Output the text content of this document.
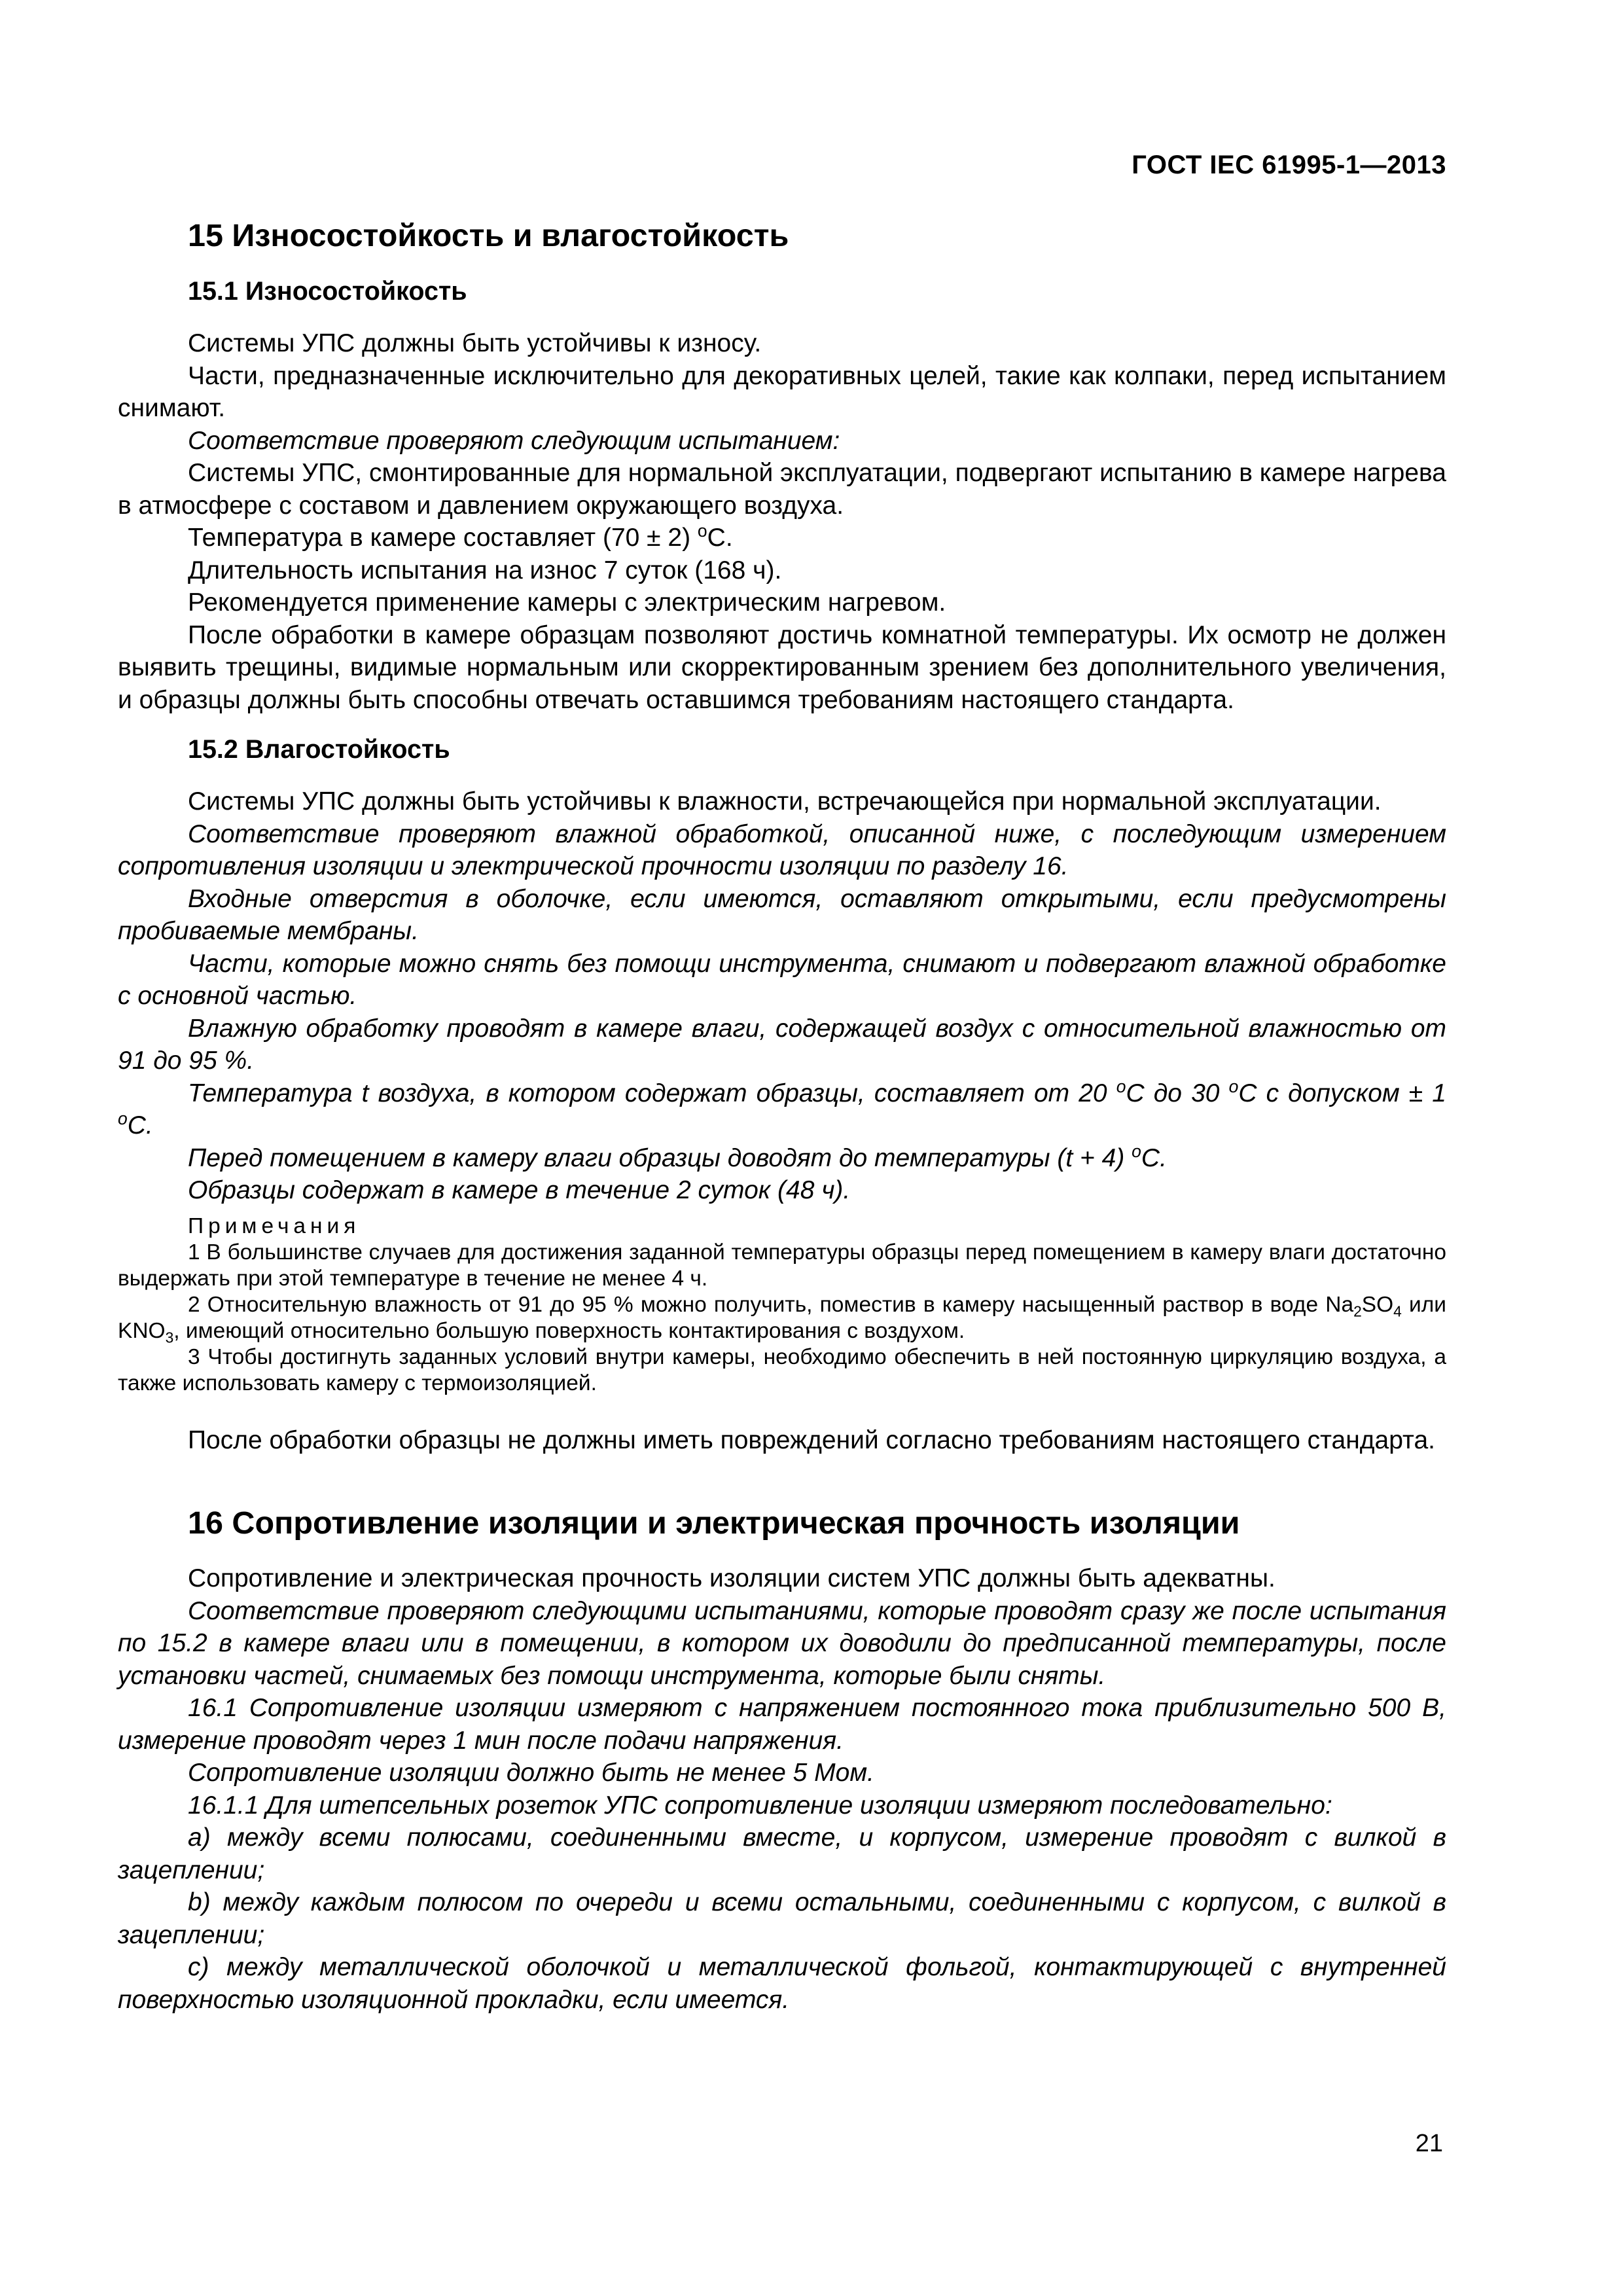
ГОСТ IEC 61995-1—2013
15 Износостойкость и влагостойкость
15.1 Износостойкость

Системы УПС должны быть устойчивы к износу.

Части, предназначенные исключительно для декоративных целей, такие как колпаки, перед испытанием снимают.

Соответствие проверяют следующим испытанием:

Системы УПС, смонтированные для нормальной эксплуатации, подвергают испытанию в камере нагрева в атмосфере с составом и давлением окружающего воздуха.

Температура в камере составляет (70 ± 2) $^o$C.

Длительность испытания на износ 7 суток (168 ч).

Рекомендуется применение камеры с электрическим нагревом.

После обработки в камере образцам позволяют достичь комнатной температуры. Их осмотр не должен выявить трещины, видимые нормальным или скорректированным зрением без дополнительного увеличения, и образцы должны быть способны отвечать оставшимся требованиям настоящего стандарта.

15.2 Влагостойкость

Системы УПС должны быть устойчивы к влажности, встречающейся при нормальной эксплуатации.

Соответствие проверяют влажной обработкой, описанной ниже, с последующим измерением сопротивления изоляции и электрической прочности изоляции по разделу 16.

Входные отверстия в оболочке, если имеются, оставляют открытыми, если предусмотрены пробиваемые мембраны.

Части, которые можно снять без помощи инструмента, снимают и подвергают влажной обработке с основной частью.

Влажную обработку проводят в камере влаги, содержащей воздух с относительной влажностью от 91 до 95 %.

Температура t воздуха, в котором содержат образцы, составляет от 20 $^o$C до 30 $^o$C с допуском ± 1 $^o$C.

Перед помещением в камеру влаги образцы доводят до температуры (t + 4) $^o$C.

Образцы содержат в камере в течение 2 суток (48 ч).

Примечания

1 В большинстве случаев для достижения заданной температуры образцы перед помещением в камеру влаги достаточно выдержать при этой температуре в течение не менее 4 ч.

2 Относительную влажность от 91 до 95 % можно получить, поместив в камеру насыщенный раствор в воде $Na_2SO_4$ или $KNO_3$, имеющий относительно большую поверхность контактирования с воздухом.

3 Чтобы достигнуть заданных условий внутри камеры, необходимо обеспечить в ней постоянную циркуляцию воздуха, а также использовать камеру с термоизоляцией.

После обработки образцы не должны иметь повреждений согласно требованиям настоящего стандарта.

16 Сопротивление изоляции и электрическая прочность изоляции

Сопротивление и электрическая прочность изоляции систем УПС должны быть адекватны.

Соответствие проверяют следующими испытаниями, которые проводят сразу же после испытания по 15.2 в камере влаги или в помещении, в котором их доводили до предписанной температуры, после установки частей, снимаемых без помощи инструмента, которые были сняты.

16.1 Сопротивление изоляции измеряют с напряжением постоянного тока приблизительно 500 В, измерение проводят через 1 мин после подачи напряжения.

Сопротивление изоляции должно быть не менее 5 Мом.

16.1.1 Для штепсельных розеток УПС сопротивление изоляции измеряют последовательно:

a) между всеми полюсами, соединенными вместе, и корпусом, измерение проводят с вилкой в зацеплении;

b) между каждым полюсом по очереди и всеми остальными, соединенными с корпусом, с вилкой в зацеплении;

c) между металлической оболочкой и металлической фольгой, контактирующей с внутренней поверхностью изоляционной прокладки, если имеется.

21
